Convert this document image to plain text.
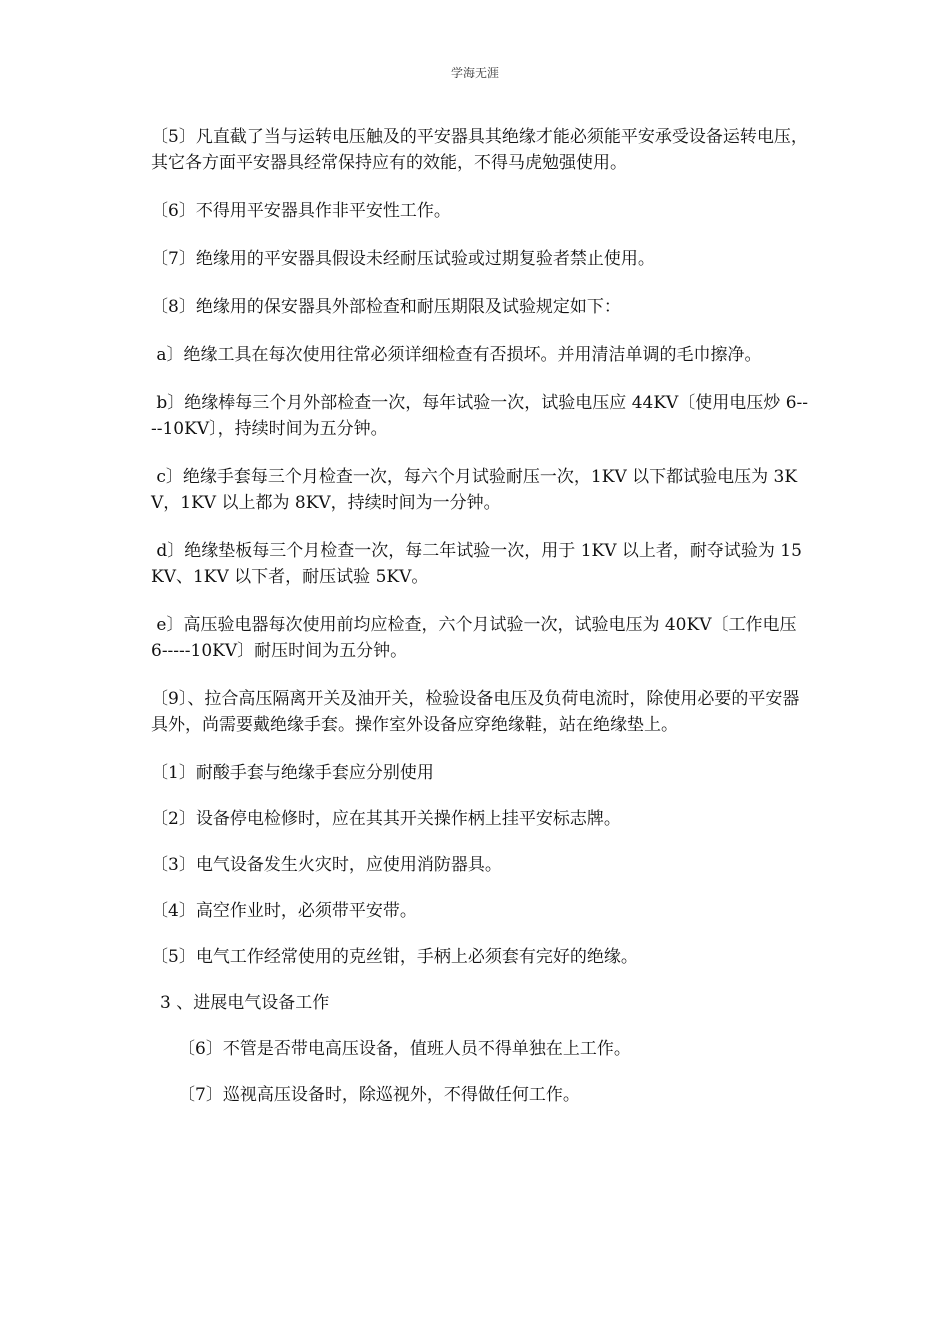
学海无涯

〔5〕凡直截了当与运转电压触及的平安器具其绝缘才能必须能平安承受设备运转电压，其它各方面平安器具经常保持应有的效能，不得马虎勉强使用。

〔6〕不得用平安器具作非平安性工作。

〔7〕绝缘用的平安器具假设未经耐压试验或过期复验者禁止使用。

〔8〕绝缘用的保安器具外部检查和耐压期限及试验规定如下：

a〕绝缘工具在每次使用往常必须详细检查有否损坏。并用清洁单调的毛巾擦净。

b〕绝缘棒每三个月外部检查一次，每年试验一次，试验电压应 44KV〔使用电压炒 6----10KV〕，持续时间为五分钟。

c〕绝缘手套每三个月检查一次，每六个月试验耐压一次，1KV 以下都试验电压为 3KV，1KV 以上都为 8KV，持续时间为一分钟。

d〕绝缘垫板每三个月检查一次，每二年试验一次，用于 1KV 以上者，耐夺试验为 15KV、1KV 以下者，耐压试验 5KV。

e〕高压验电器每次使用前均应检查，六个月试验一次，试验电压为 40KV〔工作电压 6-----10KV〕耐压时间为五分钟。

〔9〕、拉合高压隔离开关及油开关，检验设备电压及负荷电流时，除使用必要的平安器具外，尚需要戴绝缘手套。操作室外设备应穿绝缘鞋，站在绝缘垫上。

〔1〕耐酸手套与绝缘手套应分别使用

〔2〕设备停电检修时，应在其其开关操作柄上挂平安标志牌。

〔3〕电气设备发生火灾时，应使用消防器具。

〔4〕高空作业时，必须带平安带。

〔5〕电气工作经常使用的克丝钳，手柄上必须套有完好的绝缘。

3 、进展电气设备工作

〔6〕不管是否带电高压设备，值班人员不得单独在上工作。

〔7〕巡视高压设备时，除巡视外，不得做任何工作。
